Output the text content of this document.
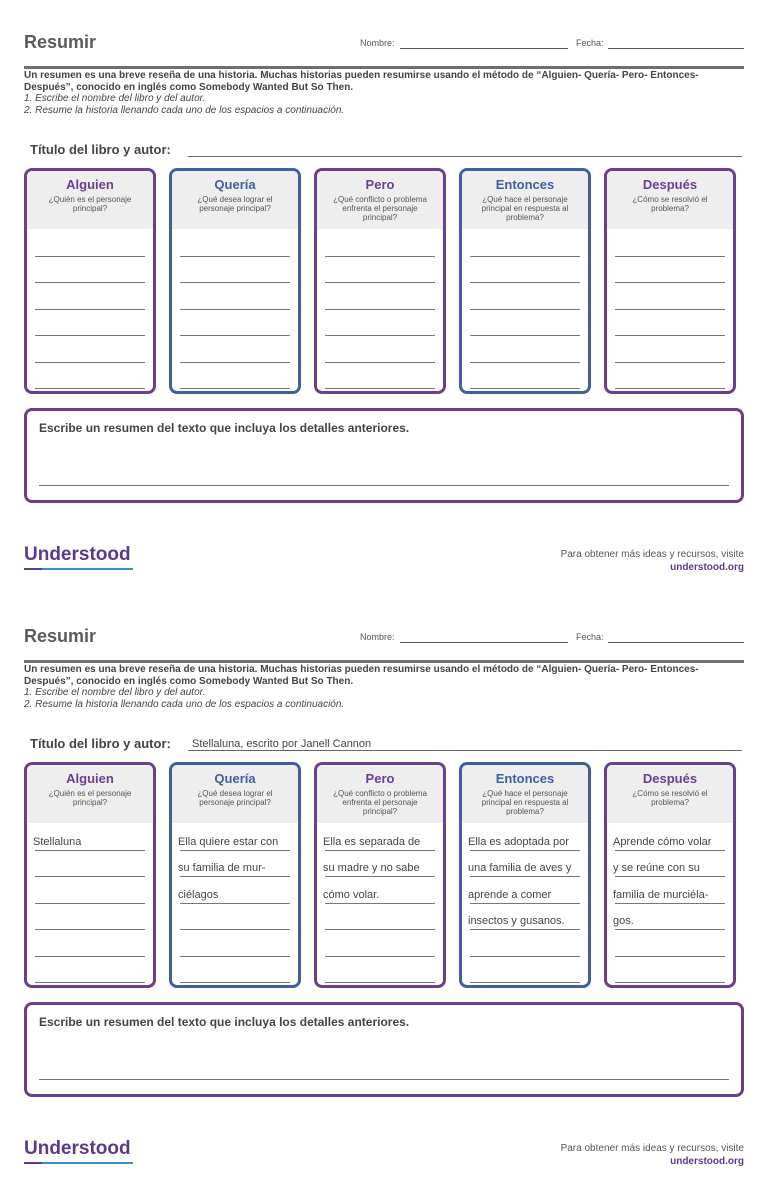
Resumir	Nombre:	Fecha:
Un resumen es una breve reseña de una historia. Muchas historias pueden resumirse usando el método de “Alguien- Quería- Pero- Entonces- Después”, conocido en inglés como Somebody Wanted But So Then.
1. Escribe el nombre del libro y del autor.
2. Resume la historia llenando cada uno de los espacios a continuación.
Título del libro y autor:
Alguien
¿Quién es el personaje principal?
Quería
¿Qué desea lograr el personaje principal?
Pero
¿Qué conflicto o problema enfrenta el personaje principal?
Entonces
¿Qué hace el personaje principal en respuesta al problema?
Después
¿Cómo se resolvió el problema?
Escribe un resumen del texto que incluya los detalles anteriores.
Understood	Para obtener más ideas y recursos, visite
understood.org
Resumir	Nombre:	Fecha:
Un resumen es una breve reseña de una historia. Muchas historias pueden resumirse usando el método de “Alguien- Quería- Pero- Entonces- Después”, conocido en inglés como Somebody Wanted But So Then.
1. Escribe el nombre del libro y del autor.
2. Resume la historia llenando cada uno de los espacios a continuación.
Título del libro y autor: Stellaluna, escrito por Janell Cannon
Alguien
¿Quién es el personaje principal?
Stellaluna
Quería
¿Qué desea lograr el personaje principal?
Ella quiere estar con
su familia de mur-
ciélagos
Pero
¿Qué conflicto o problema enfrenta el personaje principal?
Ella es separada de
su madre y no sabe
cómo volar.
Entonces
¿Qué hace el personaje principal en respuesta al problema?
Ella es adoptada por
una familia de aves y
aprende a comer
insectos y gusanos.
Después
¿Cómo se resolvió el problema?
Aprende cómo volar
y se reúne con su
familia de murciéla-
gos.
Escribe un resumen del texto que incluya los detalles anteriores.
Understood	Para obtener más ideas y recursos, visite
understood.org
